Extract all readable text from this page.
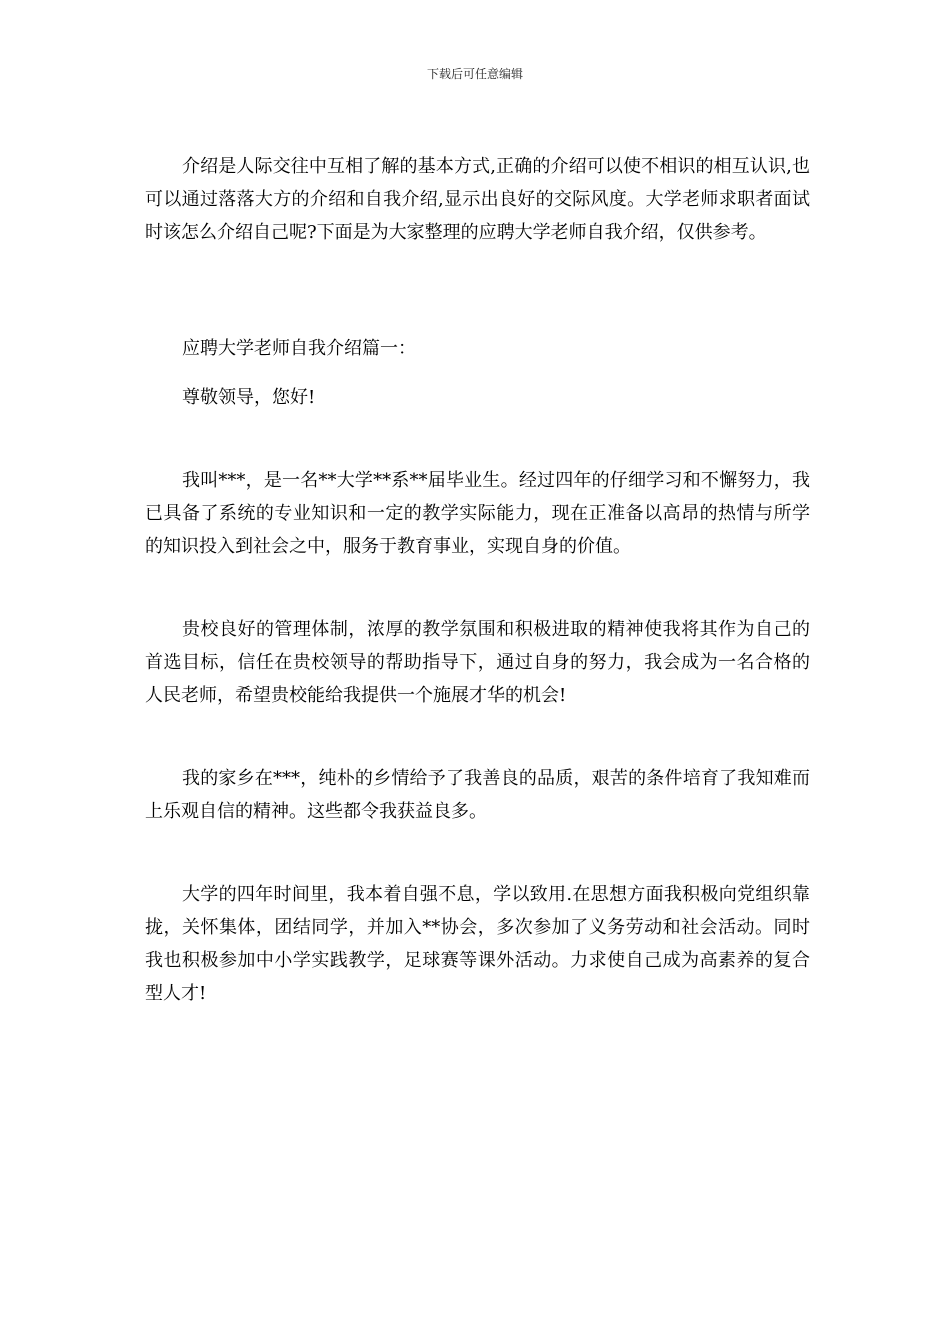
下载后可任意编辑

介绍是人际交往中互相了解的基本方式,正确的介绍可以使不相识的相互认识,也可以通过落落大方的介绍和自我介绍,显示出良好的交际风度。大学老师求职者面试时该怎么介绍自己呢?下面是为大家整理的应聘大学老师自我介绍，仅供参考。

应聘大学老师自我介绍篇一：

尊敬领导，您好!

我叫***，是一名**大学**系**届毕业生。经过四年的仔细学习和不懈努力，我已具备了系统的专业知识和一定的教学实际能力，现在正准备以高昂的热情与所学的知识投入到社会之中，服务于教育事业，实现自身的价值。

贵校良好的管理体制，浓厚的教学氛围和积极进取的精神使我将其作为自己的首选目标，信任在贵校领导的帮助指导下，通过自身的努力，我会成为一名合格的人民老师，希望贵校能给我提供一个施展才华的机会!

我的家乡在***，纯朴的乡情给予了我善良的品质，艰苦的条件培育了我知难而上乐观自信的精神。这些都令我获益良多。

大学的四年时间里，我本着自强不息，学以致用.在思想方面我积极向党组织靠拢，关怀集体，团结同学，并加入**协会，多次参加了义务劳动和社会活动。同时我也积极参加中小学实践教学，足球赛等课外活动。力求使自己成为高素养的复合型人才!
